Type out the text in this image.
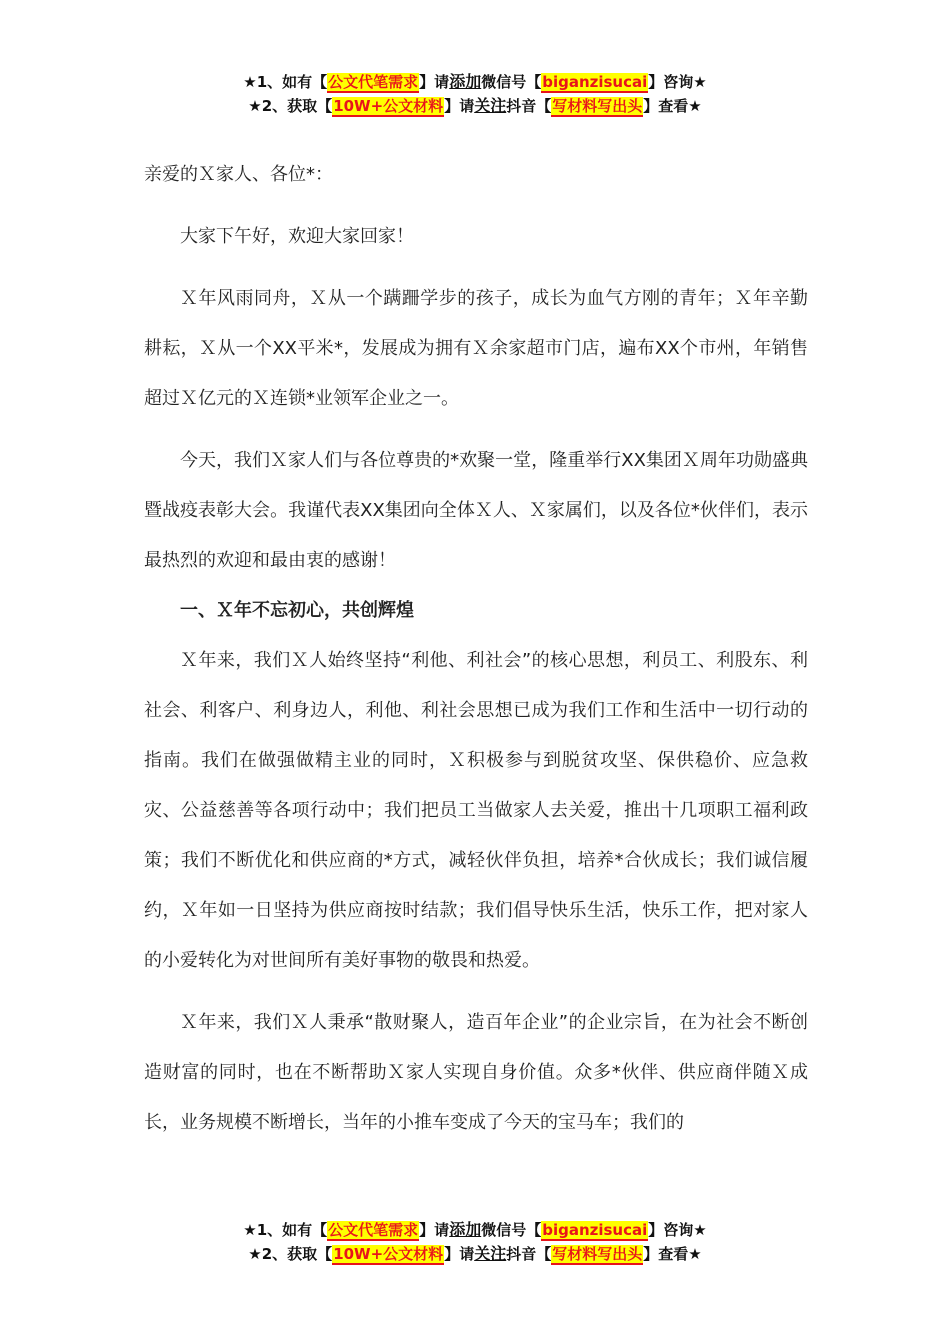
★1、如有【公文代笔需求】请添加微信号【biganzisucai】咨询★
★2、获取【10W+公文材料】请关注抖音【写材料写出头】查看★

亲爱的Ｘ家人、各位*：

大家下午好，欢迎大家回家！

Ｘ年风雨同舟，Ｘ从一个蹒跚学步的孩子，成长为血气方刚的青年；Ｘ年辛勤耕耘，Ｘ从一个XX平米*，发展成为拥有Ｘ余家超市门店，遍布XX个市州，年销售超过Ｘ亿元的Ｘ连锁*业领军企业之一。

今天，我们Ｘ家人们与各位尊贵的*欢聚一堂，隆重举行XX集团Ｘ周年功勋盛典暨战疫表彰大会。我谨代表XX集团向全体Ｘ人、Ｘ家属们，以及各位*伙伴们，表示最热烈的欢迎和最由衷的感谢！

一、Ｘ年不忘初心，共创辉煌

Ｘ年来，我们Ｘ人始终坚持“利他、利社会”的核心思想，利员工、利股东、利社会、利客户、利身边人，利他、利社会思想已成为我们工作和生活中一切行动的指南。我们在做强做精主业的同时，Ｘ积极参与到脱贫攻坚、保供稳价、应急救灾、公益慈善等各项行动中；我们把员工当做家人去关爱，推出十几项职工福利政策；我们不断优化和供应商的*方式，减轻伙伴负担，培养*合伙成长；我们诚信履约，Ｘ年如一日坚持为供应商按时结款；我们倡导快乐生活，快乐工作，把对家人的小爱转化为对世间所有美好事物的敬畏和热爱。

Ｘ年来，我们Ｘ人秉承“散财聚人，造百年企业”的企业宗旨，在为社会不断创造财富的同时，也在不断帮助Ｘ家人实现自身价值。众多*伙伴、供应商伴随Ｘ成长，业务规模不断增长，当年的小推车变成了今天的宝马车；我们的

★1、如有【公文代笔需求】请添加微信号【biganzisucai】咨询★
★2、获取【10W+公文材料】请关注抖音【写材料写出头】查看★
